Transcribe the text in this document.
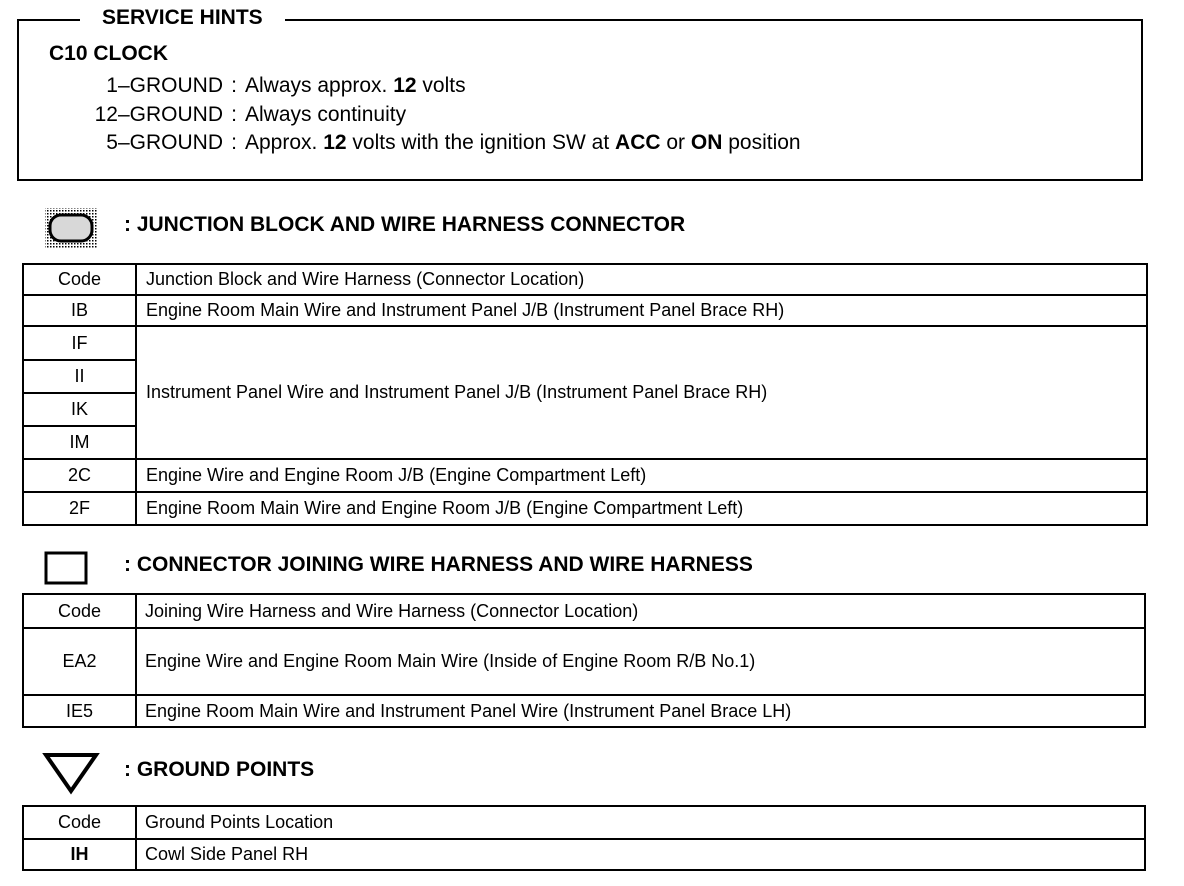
SERVICE HINTS
C10 CLOCK
1–GROUND : Always approx. 12 volts
12–GROUND : Always continuity
5–GROUND : Approx. 12 volts with the ignition SW at ACC or ON position
: JUNCTION BLOCK AND WIRE HARNESS CONNECTOR
Code	Junction Block and Wire Harness (Connector Location)
IB	Engine Room Main Wire and Instrument Panel J/B (Instrument Panel Brace RH)
IF	Instrument Panel Wire and Instrument Panel J/B (Instrument Panel Brace RH)
II	
IK	
IM	
2C	Engine Wire and Engine Room J/B (Engine Compartment Left)
2F	Engine Room Main Wire and Engine Room J/B (Engine Compartment Left)
: CONNECTOR JOINING WIRE HARNESS AND WIRE HARNESS
Code	Joining Wire Harness and Wire Harness (Connector Location)
EA2	Engine Wire and Engine Room Main Wire (Inside of Engine Room R/B No.1)
IE5	Engine Room Main Wire and Instrument Panel Wire (Instrument Panel Brace LH)
: GROUND POINTS
Code	Ground Points Location
IH	Cowl Side Panel RH
